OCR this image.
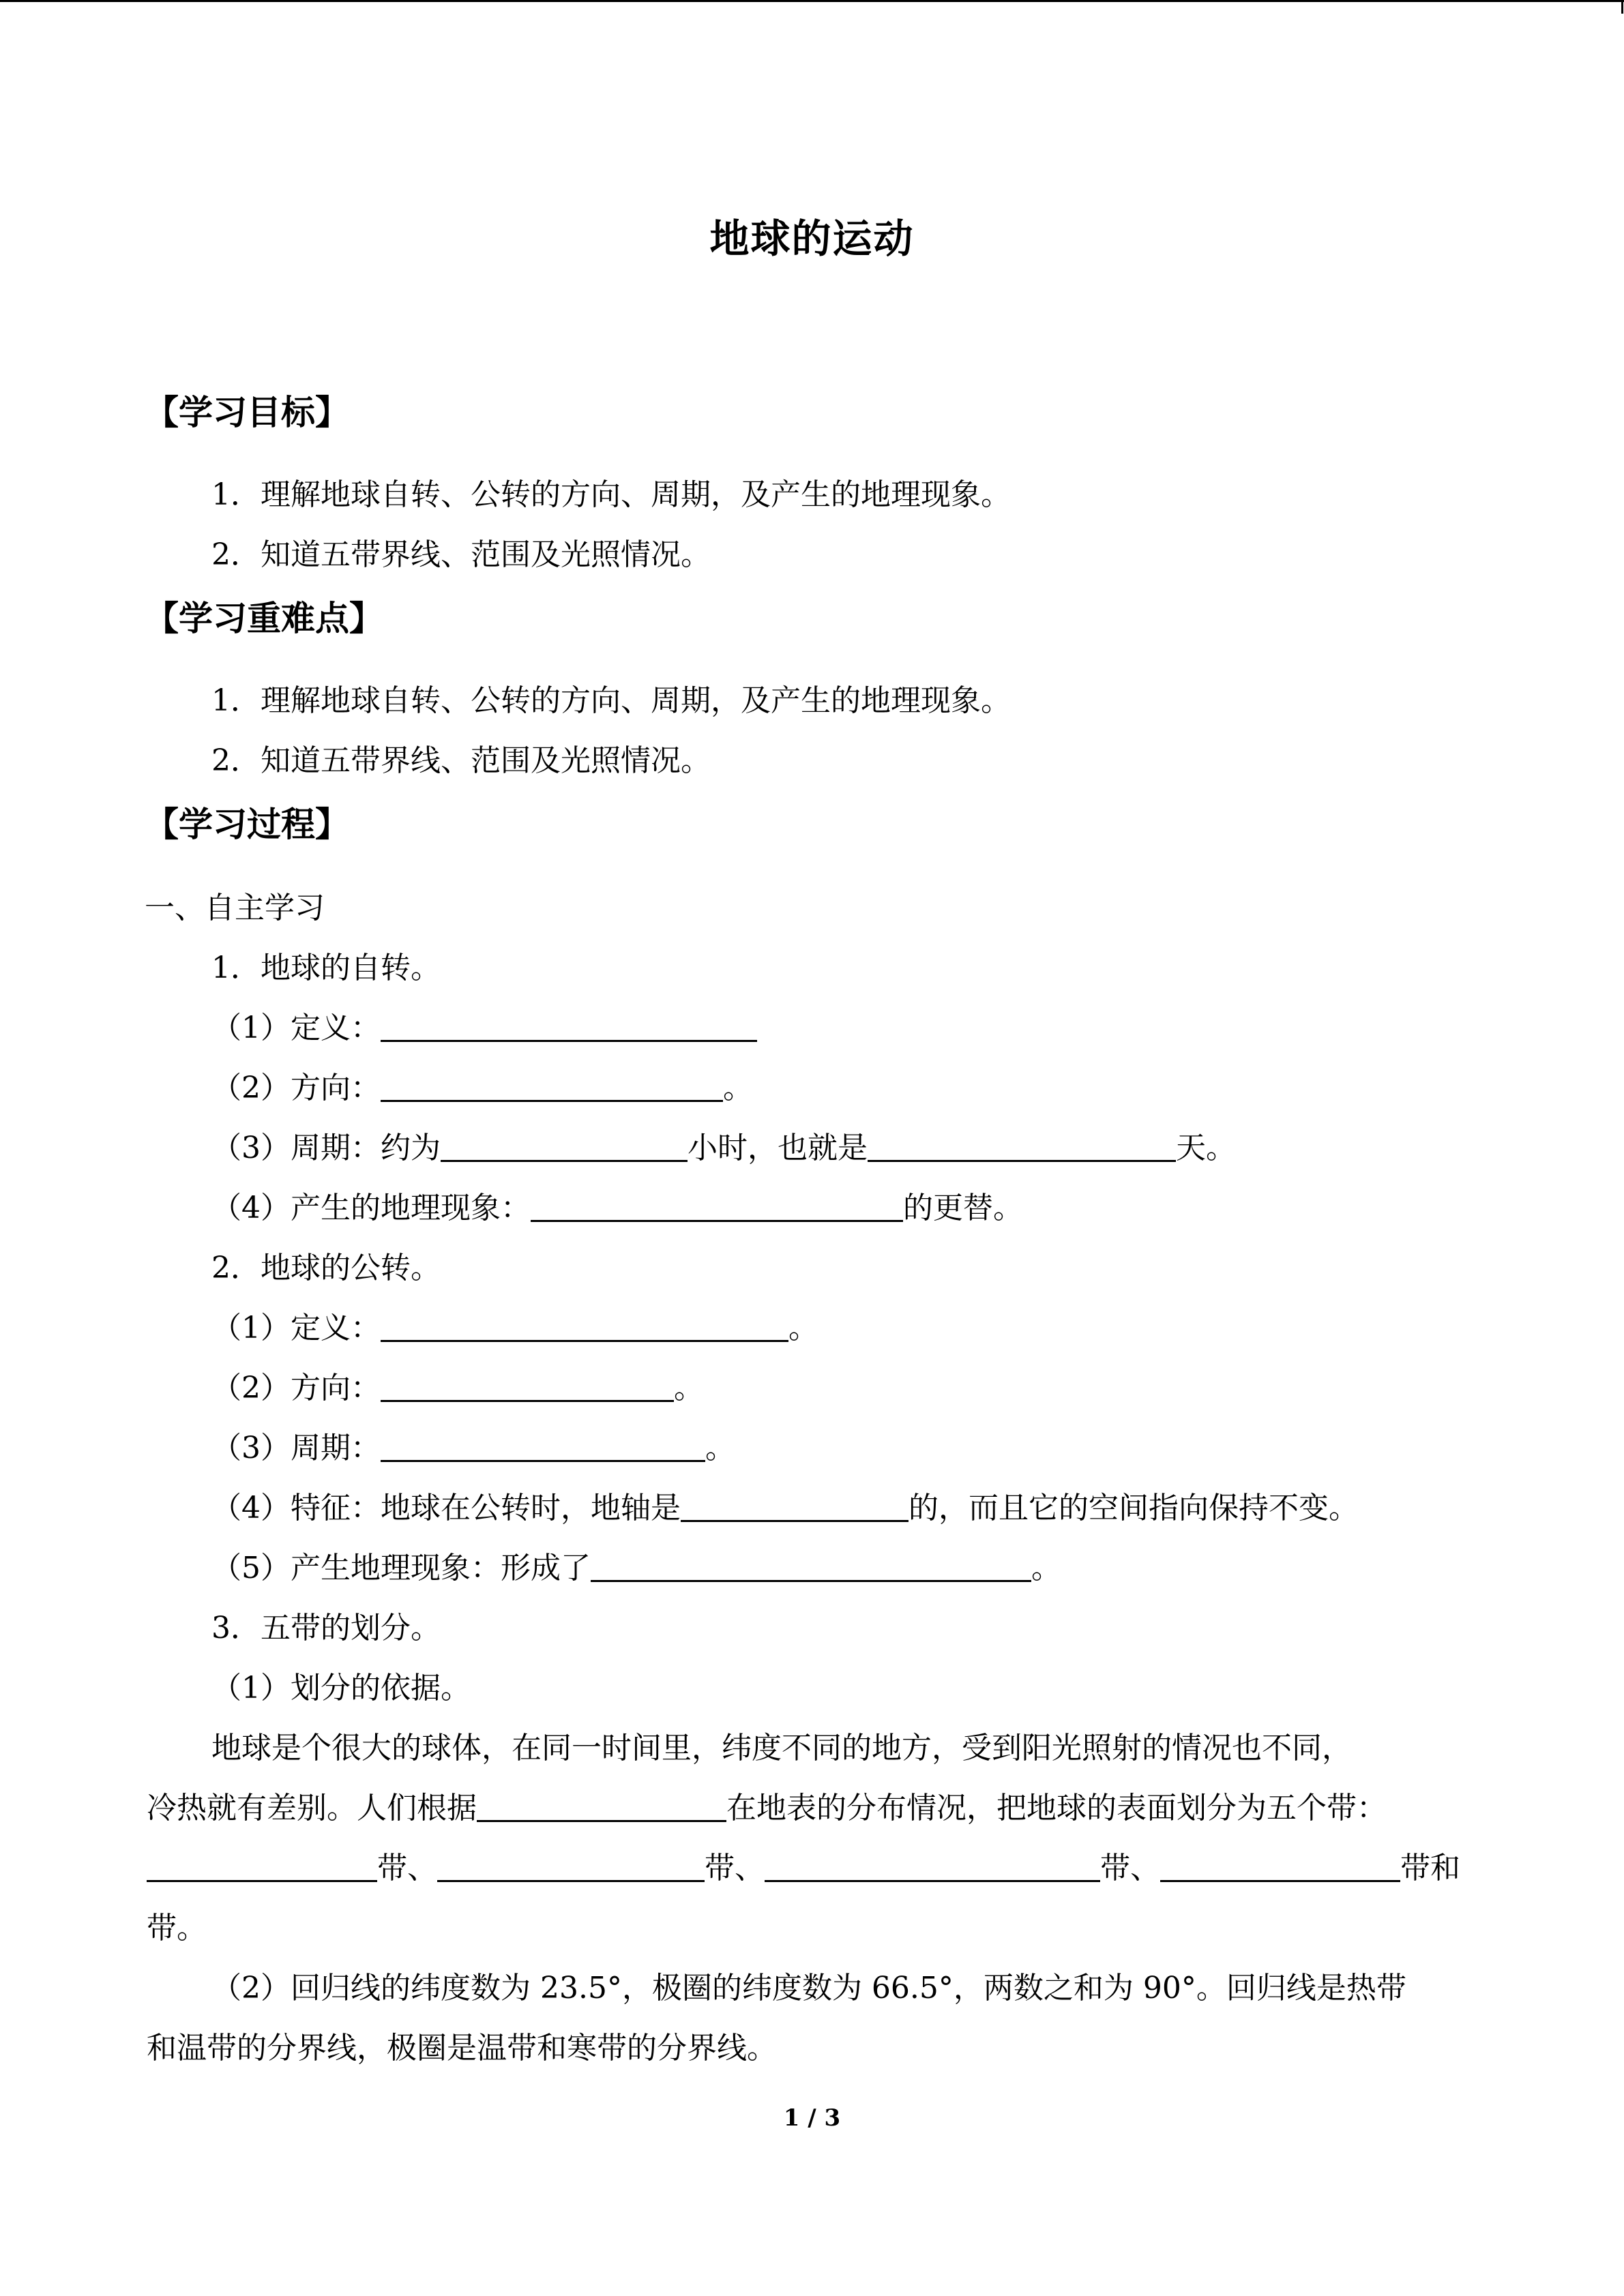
地球的运动
【学习目标】
1．理解地球自转、公转的方向、周期，及产生的地理现象。
2．知道五带界线、范围及光照情况。
【学习重难点】
1．理解地球自转、公转的方向、周期，及产生的地理现象。
2．知道五带界线、范围及光照情况。
【学习过程】
一、自主学习
1．地球的自转。
（1）定义：
（2）方向：	。
（3）周期：约为	小时，也就是	天。
（4）产生的地理现象：	的更替。
2．地球的公转。
（1）定义：	。
（2）方向：	。
（3）周期：	。
（4）特征：地球在公转时，地轴是	的，而且它的空间指向保持不变。
（5）产生地理现象：形成了	。
3．五带的划分。
（1）划分的依据。
地球是个很大的球体，在同一时间里，纬度不同的地方，受到阳光照射的情况也不同，
冷热就有差别。人们根据	在地表的分布情况，把地球的表面划分为五个带：
带、	带、	带、	带和
带。
（2）回归线的纬度数为 23.5°，极圈的纬度数为 66.5°，两数之和为 90°。回归线是热带
和温带的分界线，极圈是温带和寒带的分界线。
1 / 3
